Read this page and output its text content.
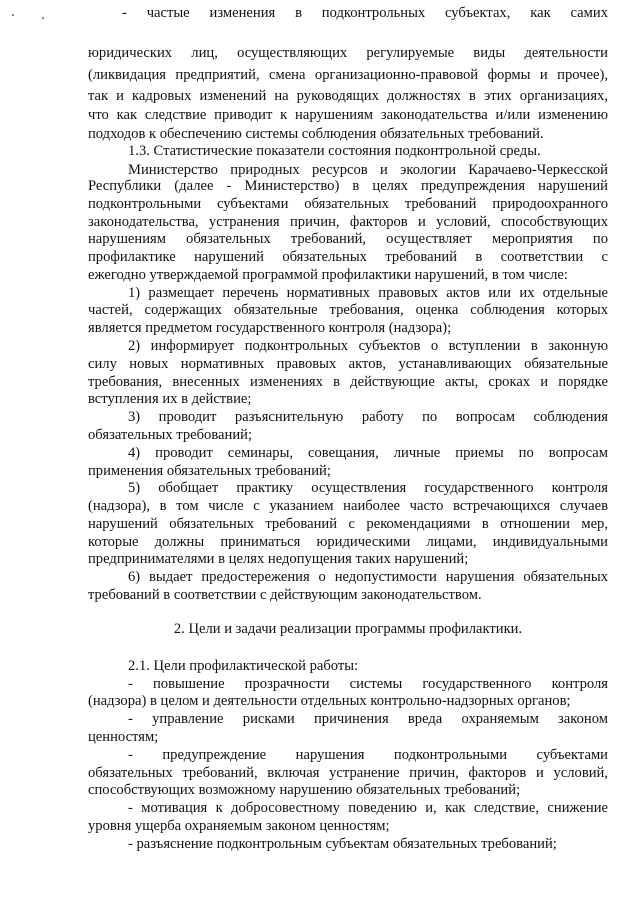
- частые изменения в подконтрольных субъектах, как самих

юридических лиц, осуществляющих регулируемые виды деятельности

(ликвидация предприятий, смена организационно-правовой формы и прочее),

так и кадровых изменений на руководящих должностях в этих организациях,

что как следствие приводит к нарушениям законодательства и/или изменению

подходов к обеспечению системы соблюдения обязательных требований.

1.3. Статистические показатели состояния подконтрольной среды.

Министерство природных ресурсов и экологии Карачаево-Черкесской

Республики (далее - Министерство) в целях предупреждения нарушений

подконтрольными субъектами обязательных требований природоохранного

законодательства, устранения причин, факторов и условий, способствующих

нарушениям обязательных требований, осуществляет мероприятия по

профилактике нарушений обязательных требований в соответствии с

ежегодно утверждаемой программой профилактики нарушений, в том числе:

1) размещает перечень нормативных правовых актов или их отдельные

частей, содержащих обязательные требования, оценка соблюдения которых

является предметом государственного контроля (надзора);

2) информирует подконтрольных субъектов о вступлении в законную

силу новых нормативных правовых актов, устанавливающих обязательные

требования, внесенных изменениях в действующие акты, сроках и порядке

вступления их в действие;

3) проводит разъяснительную работу по вопросам соблюдения

обязательных требований;

4) проводит семинары, совещания, личные приемы по вопросам

применения обязательных требований;

5) обобщает практику осуществления государственного контроля

(надзора), в том числе с указанием наиболее часто встречающихся случаев

нарушений обязательных требований с рекомендациями в отношении мер,

которые должны приниматься юридическими лицами, индивидуальными

предпринимателями в целях недопущения таких нарушений;

6) выдает предостережения о недопустимости нарушения обязательных

требований в соответствии с действующим законодательством.

2. Цели и задачи реализации программы профилактики.

2.1. Цели профилактической работы:

- повышение прозрачности системы государственного контроля

(надзора) в целом и деятельности отдельных контрольно-надзорных органов;

- управление рисками причинения вреда охраняемым законом

ценностям;

- предупреждение нарушения подконтрольными субъектами

обязательных требований, включая устранение причин, факторов и условий,

способствующих возможному нарушению обязательных требований;

- мотивация к добросовестному поведению и, как следствие, снижение

уровня ущерба охраняемым законом ценностям;

- разъяснение подконтрольным субъектам обязательных требований;
